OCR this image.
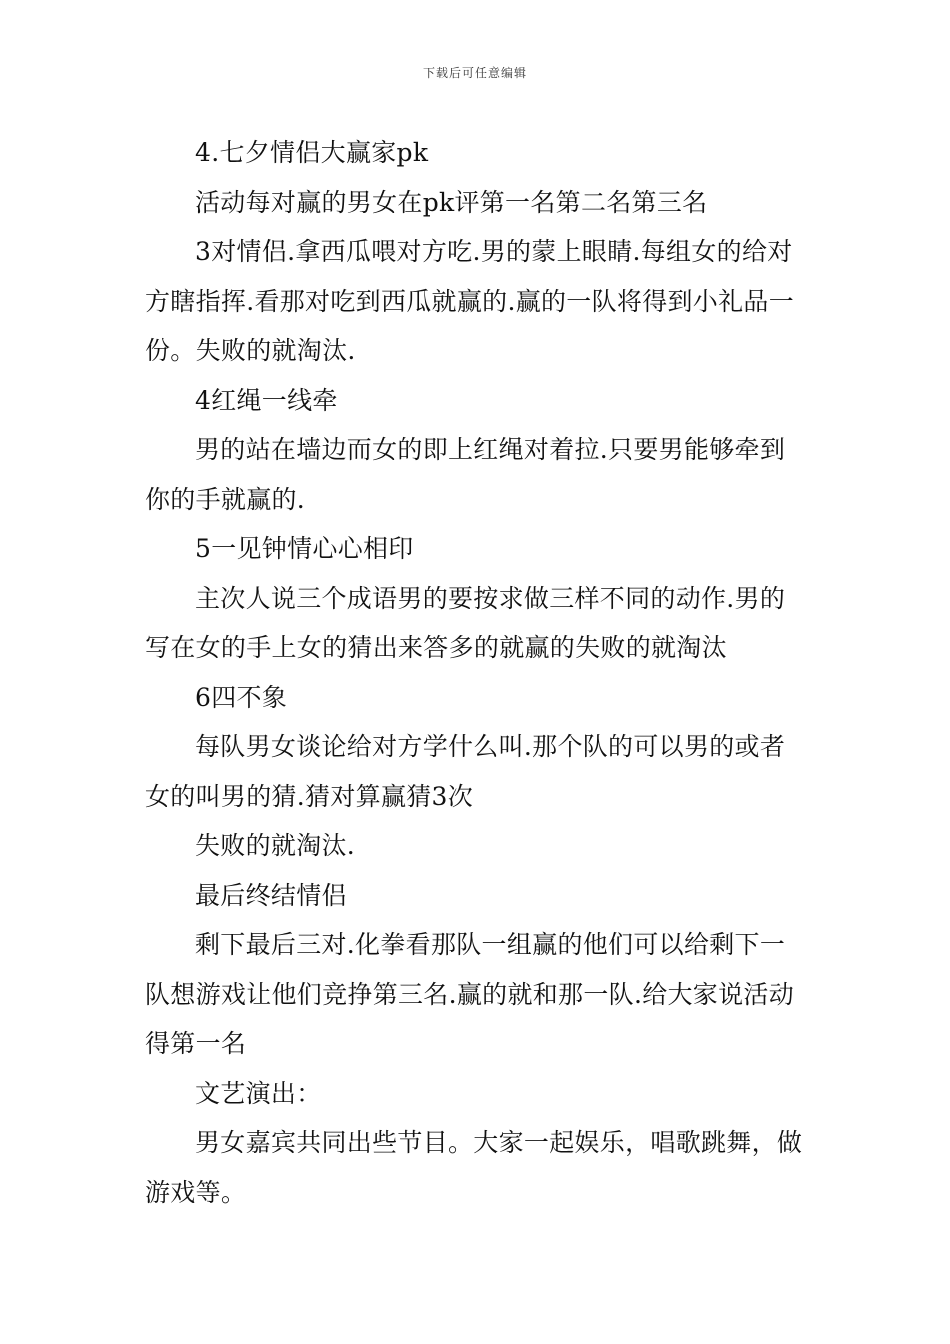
下载后可任意编辑

4.七夕情侣大赢家pk

活动每对赢的男女在pk评第一名第二名第三名

3对情侣.拿西瓜喂对方吃.男的蒙上眼睛.每组女的给对方瞎指挥.看那对吃到西瓜就赢的.赢的一队将得到小礼品一份。失败的就淘汰.

4红绳一线牵

男的站在墙边而女的即上红绳对着拉.只要男能够牵到你的手就赢的.

5一见钟情心心相印

主次人说三个成语男的要按求做三样不同的动作.男的写在女的手上女的猜出来答多的就赢的失败的就淘汰

6四不象

每队男女谈论给对方学什么叫.那个队的可以男的或者女的叫男的猜.猜对算赢猜3次

失败的就淘汰.

最后终结情侣

剩下最后三对.化拳看那队一组赢的他们可以给剩下一队想游戏让他们竞挣第三名.赢的就和那一队.给大家说活动得第一名

文艺演出：

男女嘉宾共同出些节目。大家一起娱乐，唱歌跳舞，做游戏等。
